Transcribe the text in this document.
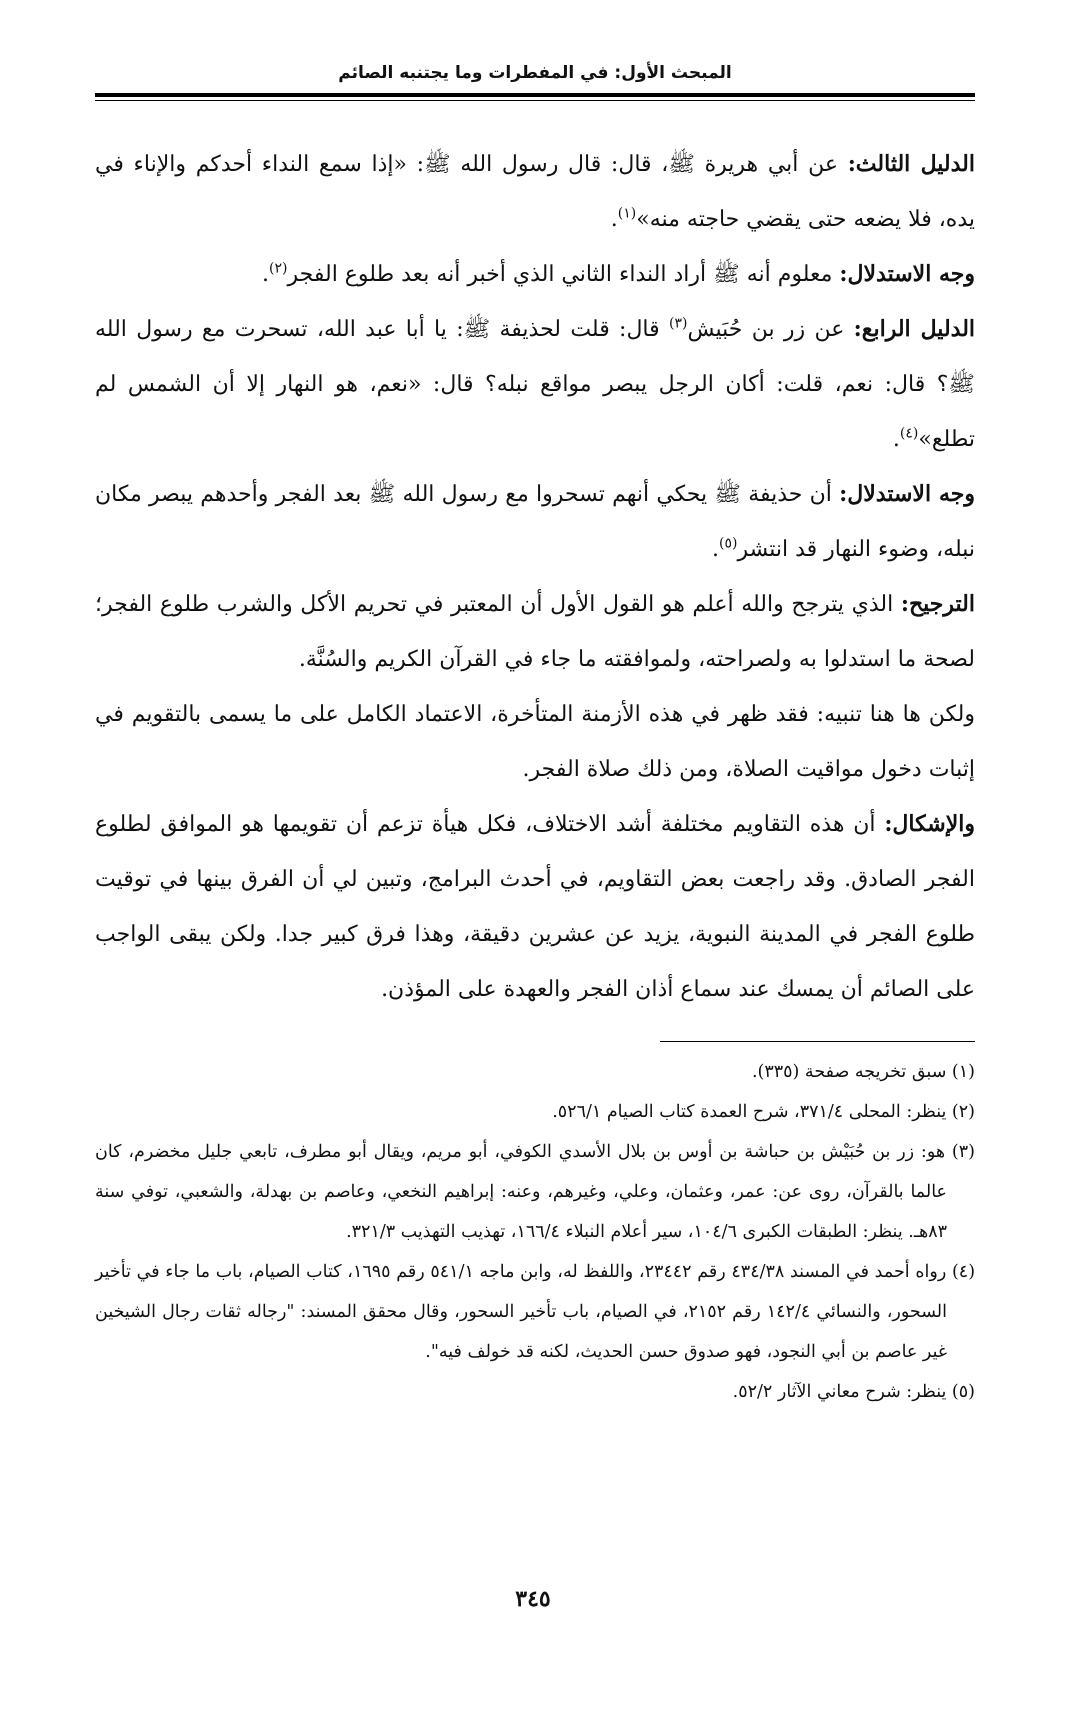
المبحث الأول: في المفطرات وما يجتنبه الصائم

الدليل الثالث: عن أبي هريرة ﷺ، قال: قال رسول الله ﷺ: «إذا سمع النداء أحدكم والإناء في يده، فلا يضعه حتى يقضي حاجته منه»$^{(١)}$.

وجه الاستدلال: معلوم أنه ﷺ أراد النداء الثاني الذي أخبر أنه بعد طلوع الفجر$^{(٢)}$.

الدليل الرابع: عن زر بن حُبَيش$^{(٣)}$ قال: قلت لحذيفة ﷺ: يا أبا عبد الله، تسحرت مع رسول الله ﷺ؟ قال: نعم، قلت: أكان الرجل يبصر مواقع نبله؟ قال: «نعم، هو النهار إلا أن الشمس لم تطلع»$^{(٤)}$.

وجه الاستدلال: أن حذيفة ﷺ يحكي أنهم تسحروا مع رسول الله ﷺ بعد الفجر وأحدهم يبصر مكان نبله، وضوء النهار قد انتشر$^{(٥)}$.

الترجيح: الذي يترجح والله أعلم هو القول الأول أن المعتبر في تحريم الأكل والشرب طلوع الفجر؛ لصحة ما استدلوا به ولصراحته، ولموافقته ما جاء في القرآن الكريم والسُنَّة.

ولكن ها هنا تنبيه: فقد ظهر في هذه الأزمنة المتأخرة، الاعتماد الكامل على ما يسمى بالتقويم في إثبات دخول مواقيت الصلاة، ومن ذلك صلاة الفجر.

والإشكال: أن هذه التقاويم مختلفة أشد الاختلاف، فكل هيأة تزعم أن تقويمها هو الموافق لطلوع الفجر الصادق. وقد راجعت بعض التقاويم، في أحدث البرامج، وتبين لي أن الفرق بينها في توقيت طلوع الفجر في المدينة النبوية، يزيد عن عشرين دقيقة، وهذا فرق كبير جدا. ولكن يبقى الواجب على الصائم أن يمسك عند سماع أذان الفجر والعهدة على المؤذن.

(١) سبق تخريجه صفحة (٣٣٥).

(٢) ينظر: المحلى ٣٧١/٤، شرح العمدة كتاب الصيام ٥٢٦/١.

(٣) هو: زر بن حُبَيْش بن حباشة بن أوس بن بلال الأسدي الكوفي، أبو مريم، ويقال أبو مطرف، تابعي جليل مخضرم، كان عالما بالقرآن، روى عن: عمر، وعثمان، وعلي، وغيرهم، وعنه: إبراهيم النخعي، وعاصم بن بهدلة، والشعبي، توفي سنة ٨٣هـ. ينظر: الطبقات الكبرى ١٠٤/٦، سير أعلام النبلاء ١٦٦/٤، تهذيب التهذيب ٣٢١/٣.

(٤) رواه أحمد في المسند ٤٣٤/٣٨ رقم ٢٣٤٤٢، واللفظ له، وابن ماجه ٥٤١/١ رقم ١٦٩٥، كتاب الصيام، باب ما جاء في تأخير السحور، والنسائي ١٤٢/٤ رقم ٢١٥٢، في الصيام، باب تأخير السحور، وقال محقق المسند: "رجاله ثقات رجال الشيخين غير عاصم بن أبي النجود، فهو صدوق حسن الحديث، لكنه قد خولف فيه".

(٥) ينظر: شرح معاني الآثار ٥٢/٢.

٣٤٥
